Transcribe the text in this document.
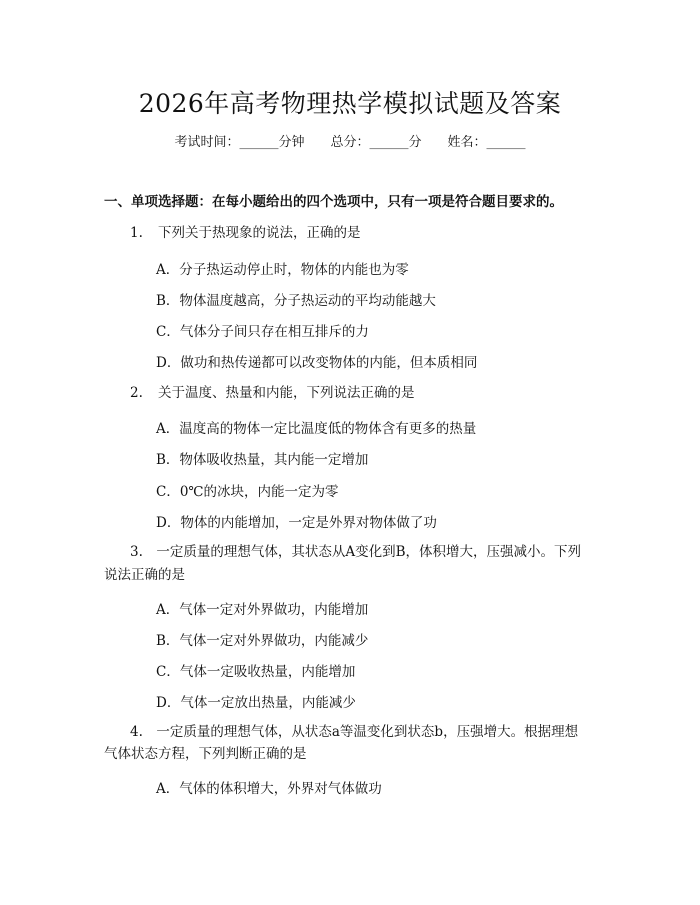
2026年高考物理热学模拟试题及答案
考试时间：______分钟 总分：______分 姓名：______
一、单项选择题：在每小题给出的四个选项中，只有一项是符合题目要求的。
1. 下列关于热现象的说法，正确的是
A．分子热运动停止时，物体的内能也为零
B．物体温度越高，分子热运动的平均动能越大
C．气体分子间只存在相互排斥的力
D．做功和热传递都可以改变物体的内能，但本质相同
2. 关于温度、热量和内能，下列说法正确的是
A．温度高的物体一定比温度低的物体含有更多的热量
B．物体吸收热量，其内能一定增加
C．0℃的冰块，内能一定为零
D．物体的内能增加，一定是外界对物体做了功
3.　一定质量的理想气体，其状态从A变化到B，体积增大，压强减小。下列
说法正确的是
A．气体一定对外界做功，内能增加
B．气体一定对外界做功，内能减少
C．气体一定吸收热量，内能增加
D．气体一定放出热量，内能减少
4.　一定质量的理想气体，从状态a等温变化到状态b，压强增大。根据理想
气体状态方程，下列判断正确的是
A．气体的体积增大，外界对气体做功
